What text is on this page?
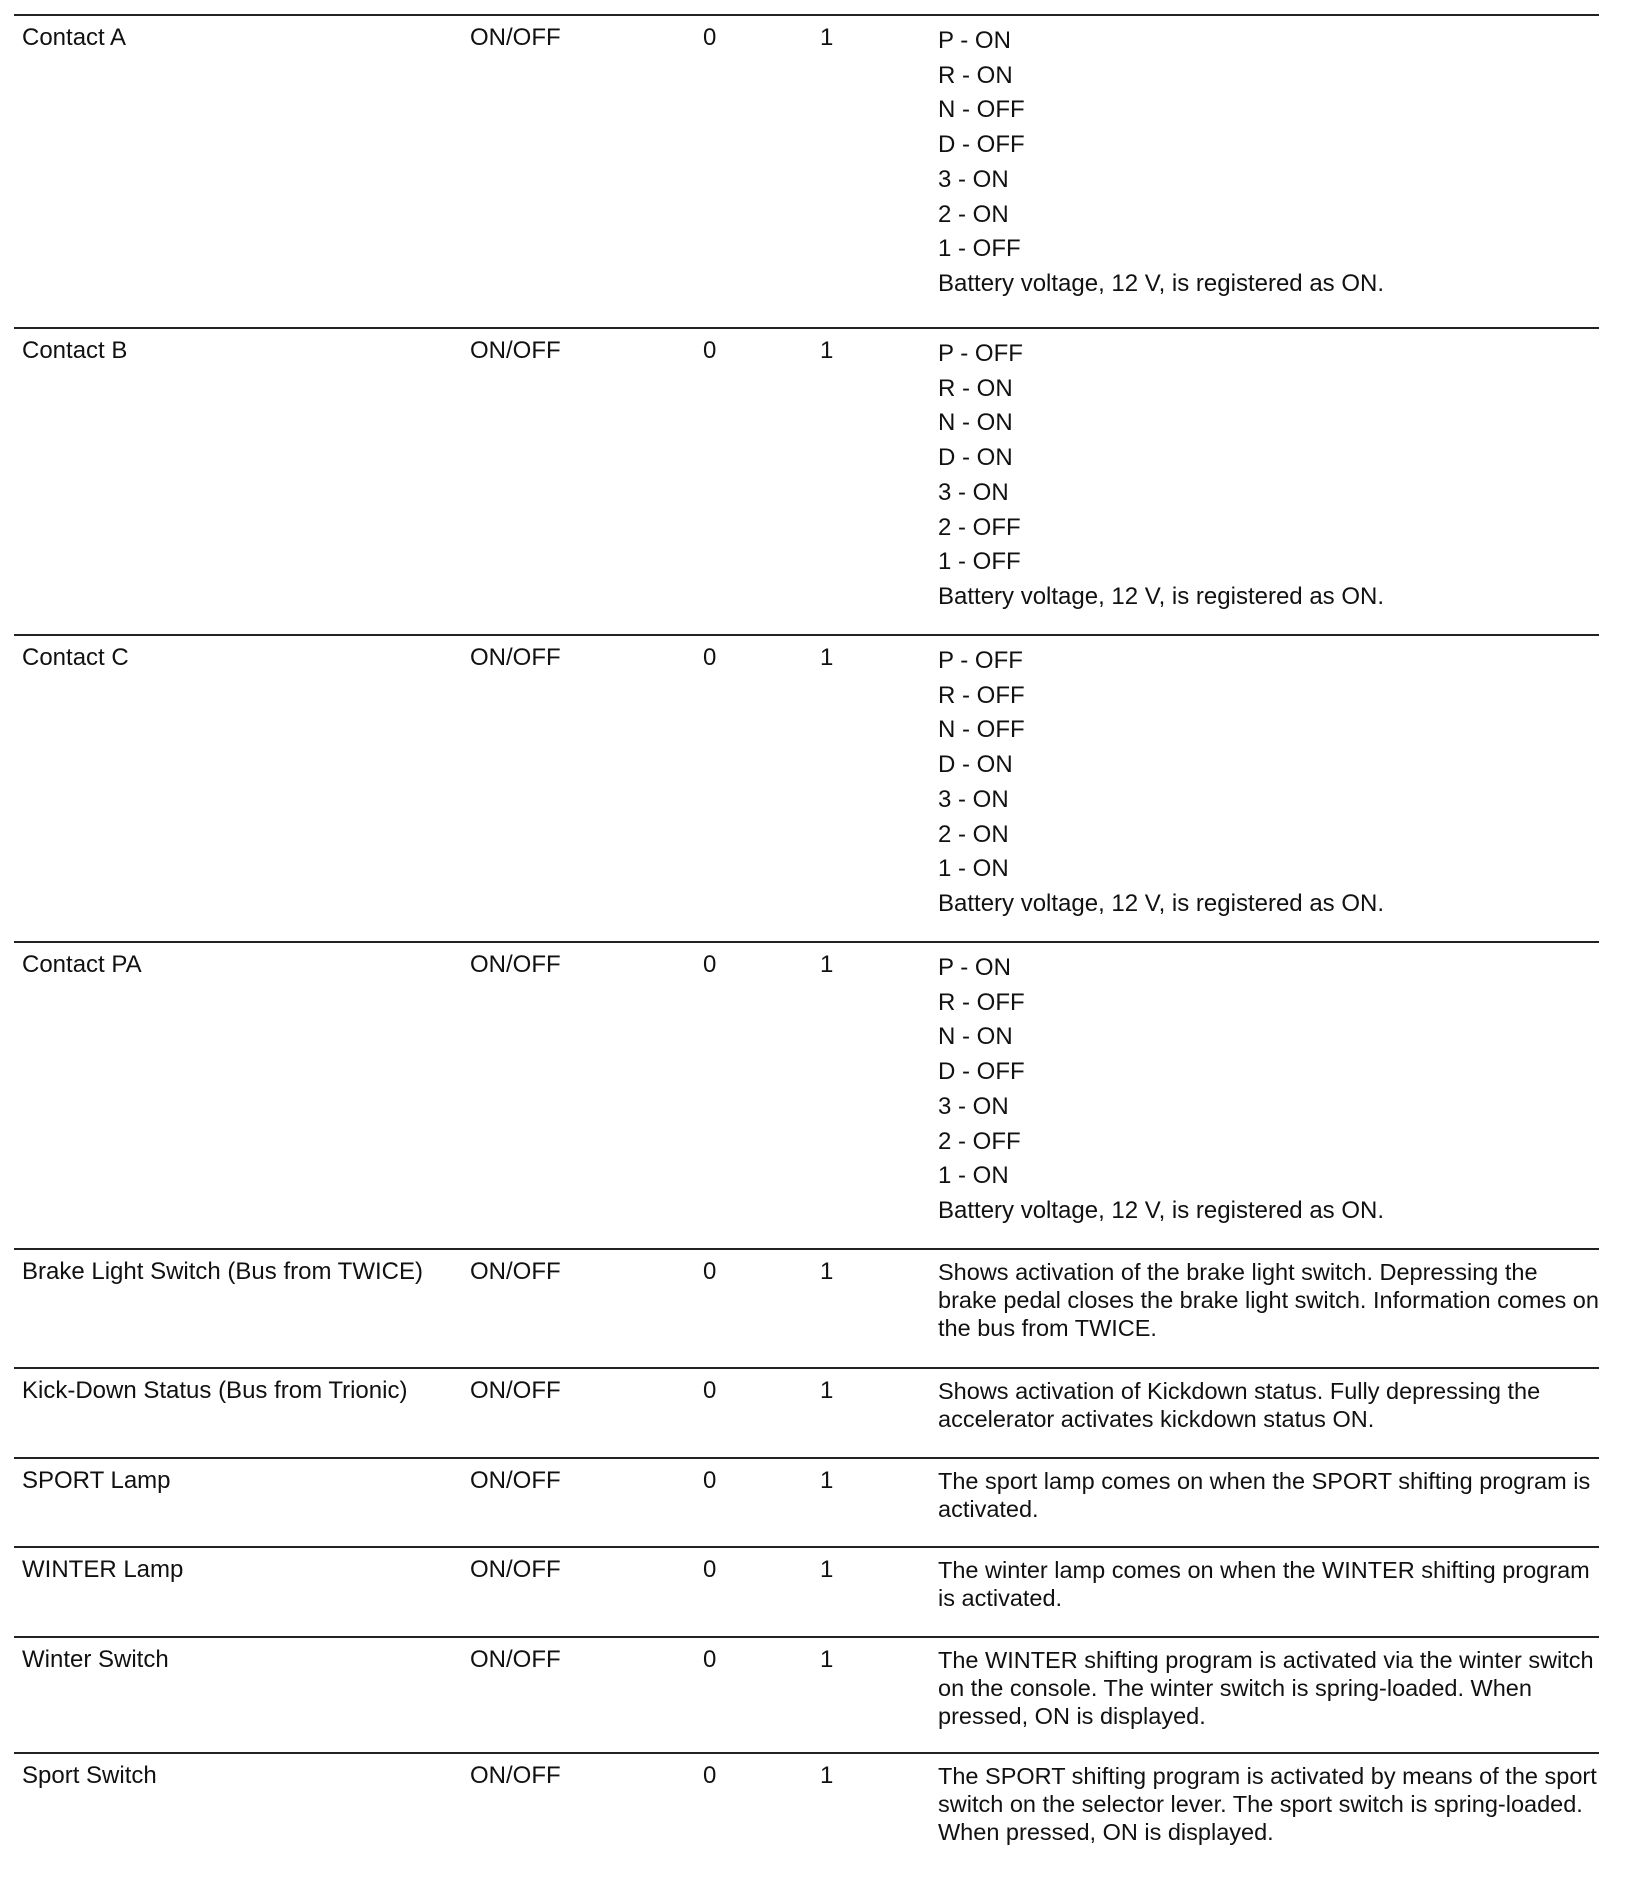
Contact A	ON/OFF	0	1	P - ON
R - ON
N - OFF
D - OFF
3 - ON
2 - ON
1 - OFF
Battery voltage, 12 V, is registered as ON.
Contact B	ON/OFF	0	1	P - OFF
R - ON
N - ON
D - ON
3 - ON
2 - OFF
1 - OFF
Battery voltage, 12 V, is registered as ON.
Contact C	ON/OFF	0	1	P - OFF
R - OFF
N - OFF
D - ON
3 - ON
2 - ON
1 - ON
Battery voltage, 12 V, is registered as ON.
Contact PA	ON/OFF	0	1	P - ON
R - OFF
N - ON
D - OFF
3 - ON
2 - OFF
1 - ON
Battery voltage, 12 V, is registered as ON.
Brake Light Switch (Bus from TWICE) ON/OFF	0	1	Shows activation of the brake light switch. Depressing the brake pedal closes the brake light switch. Information comes on the bus from TWICE.
Kick-Down Status (Bus from Trionic)	ON/OFF	0	1	Shows activation of Kickdown status. Fully depressing the accelerator activates kickdown status ON.
SPORT Lamp	ON/OFF	0	1	The sport lamp comes on when the SPORT shifting program is activated.
WINTER Lamp	ON/OFF	0	1	The winter lamp comes on when the WINTER shifting program is activated.
Winter Switch	ON/OFF	0	1	The WINTER shifting program is activated via the winter switch on the console. The winter switch is spring-loaded. When pressed, ON is displayed.
Sport Switch	ON/OFF	0	1	The SPORT shifting program is activated by means of the sport switch on the selector lever. The sport switch is spring-loaded. When pressed, ON is displayed.
